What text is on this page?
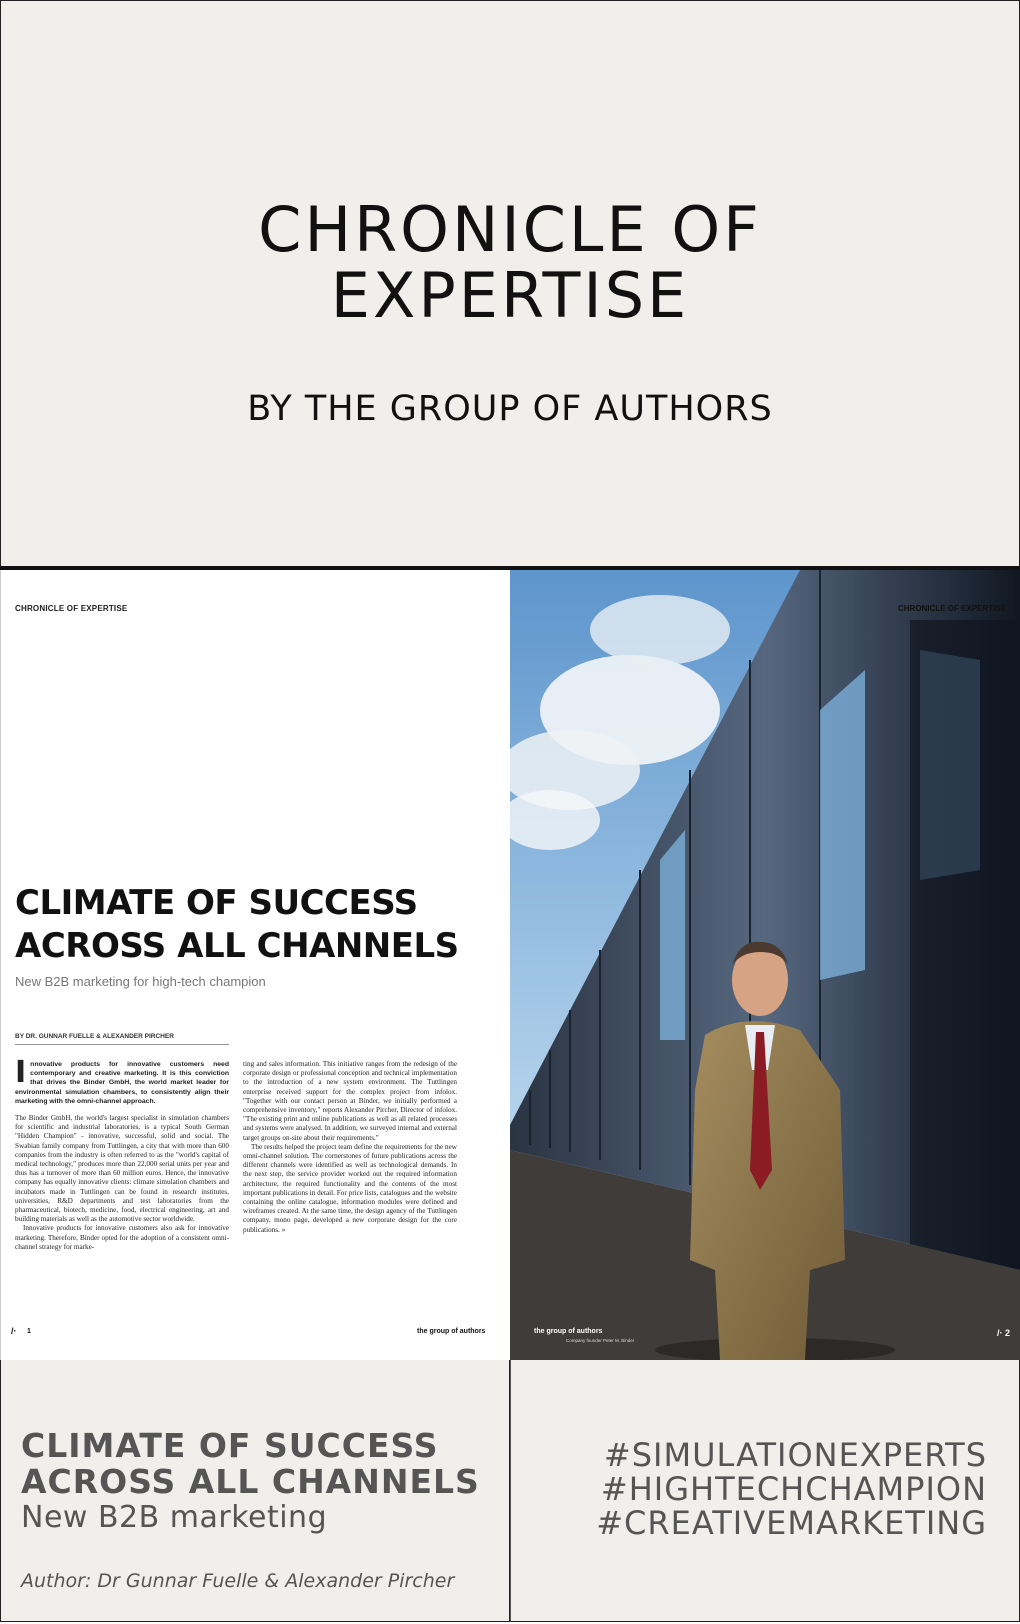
CHRONICLE OF
EXPERTISE
BY THE GROUP OF AUTHORS
CHRONICLE OF EXPERTISE
CLIMATE OF SUCCESS
ACROSS ALL CHANNELS
New B2B marketing for high-tech champion
BY DR. GUNNAR FUELLE & ALEXANDER PIRCHER
Innovative products for innovative customers need contemporary and creative marketing. It is this conviction that drives the Binder GmbH, the world market leader for environmental simulation chambers, to consistently align their marketing with the omni-channel approach.

The Binder GmbH, the world's largest specialist in simulation chambers for scientific and industrial laboratories, is a typical South German "Hidden Champion" - innovative, successful, solid and social. The Swabian family company from Tuttlingen, a city that with more than 600 companies from the industry is often referred to as the "world's capital of medical technology," produces more than 22,000 serial units per year and thus has a turnover of more than 60 million euros. Hence, the innovative company has equally innovative clients: climate simulation chambers and incubators made in Tuttlingen can be found in research institutes, universities, R&D departments and test laboratories from the pharmaceutical, biotech, medicine, food, electrical engineering, art and building materials as well as the automotive sector worldwide.

Innovative products for innovative customers also ask for innovative marketing. Therefore, Binder opted for the adoption of a consistent omni-channel strategy for marke-

ting and sales information. This initiative ranges from the redesign of the corporate design or professional conception and technical implementation to the introduction of a new system environment. The Tuttlingen enterprise received support for the complex project from infolox. "Together with our contact person at Binder, we initially performed a comprehensive inventory," reports Alexander Pircher, Director of infolox. "The existing print and online publications as well as all related processes and systems were analysed. In addition, we surveyed internal and external target groups on-site about their requirements."

The results helped the project team define the requirements for the new omni-channel solution. The cornerstones of future publications across the different channels were identified as well as technological demands. In the next step, the service provider worked out the required information architecture, the required functionality and the contents of the most important publications in detail. For price lists, catalogues and the website containing the online catalogue, information modules were defined and wireframes created. At the same time, the design agency of the Tuttlingen company, mono page, developed a new corporate design for the core publications. »

/· 1	the group of authors
CHRONICLE OF EXPERTISE
the group of authors
Company founder Peter M. Binder
/· 2
CLIMATE OF SUCCESS
ACROSS ALL CHANNELS
New B2B marketing
Author: Dr Gunnar Fuelle & Alexander Pircher
#SIMULATIONEXPERTS
#HIGHTECHCHAMPION
#CREATIVEMARKETING
